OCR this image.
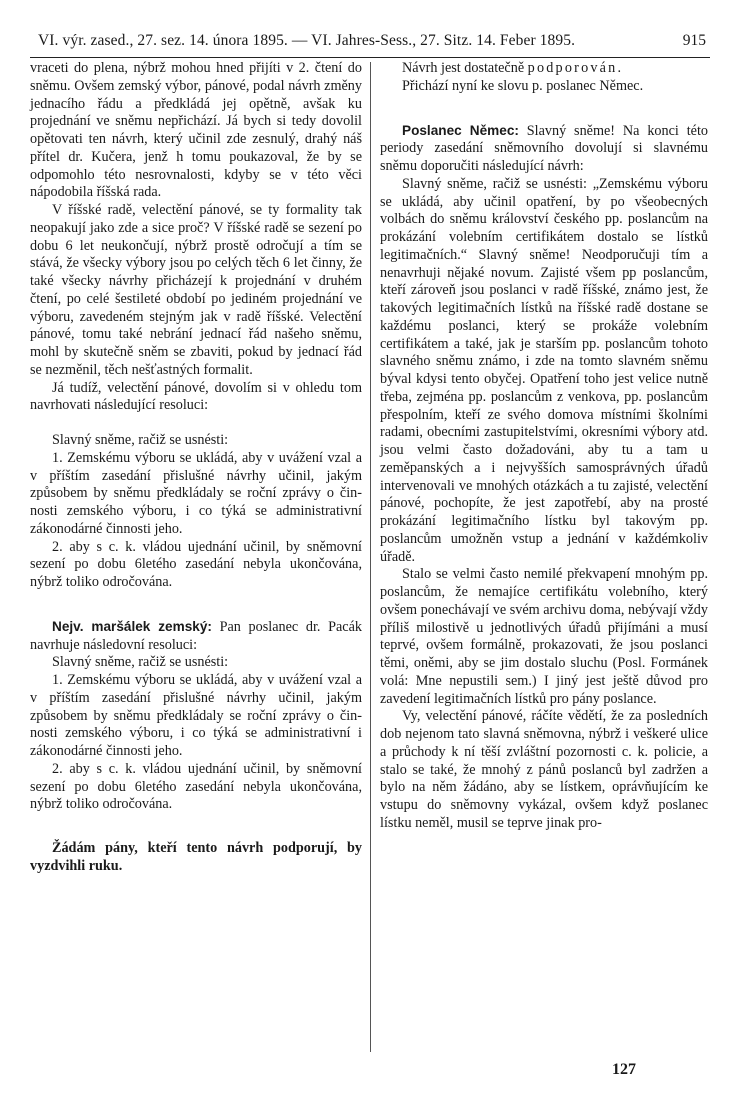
VI. výr. zased., 27. sez. 14. února 1895. — VI. Jahres-Sess., 27. Sitz. 14. Feber 1895.	915

vraceti do plena, nýbrž mohou hned přijíti v 2. čtení do sněmu. Ovšem zemský výbor, pánové, podal návrh změny jednacího řádu a předkládá jej opětně, avšak ku projednání ve sněmu nepřichází. Já bych si tedy dovolil opětovati ten návrh, který učinil zde zesnulý, drahý náš přítel dr. Kučera, jenž h tomu poukazoval, že by se odpomohlo této nesrovnalosti, kdyby se v této věci nápodobila říšská rada.

V říšské radě, velectění pánové, se ty formality tak neopakují jako zde a sice proč? V říšské radě se sezení po dobu 6 let neukončují, nýbrž prostě odročují a tím se stává, že všecky výbory jsou po celých těch 6 let činny, že také všecky návrhy přicházejí k projednání v druhém čtení, po celé šestileté období po jediném projednání ve výboru, zavedeném stejným jak v radě říšské. Velectění pánové, tomu také nebrání jednací řád našeho sněmu, mohl by skutečně sněm se zbaviti, pokud by jednací řád se nezměnil, těch nešťastných formalit.

Já tudíž, velectění pánové, dovolím si v ohledu tom navrhovati následující resoluci:

Slavný sněme, račiž se usnésti:

1. Zemskému výboru se ukládá, aby v uvážení vzal a v příštím zasedání přislušné návrhy učinil, jakým způsobem by sněmu předkládaly se roční zprávy o činnosti zemského výboru, i co týká se administrativní zákonodárné činnosti jeho.

2. aby s c. k. vládou ujednání učinil, by sněmovní sezení po dobu 6letého zasedání nebyla ukončována, nýbrž toliko odročována.

Nejv. maršálek zemský: Pan poslanec dr. Pacák navrhuje následovní resoluci:

Slavný sněme, račiž se usnésti:

1. Zemskému výboru se ukládá, aby v uvážení vzal a v příštím zasedání přislušné návrhy učinil, jakým způsobem by sněmu předkládaly se roční zprávy o činnosti zemského výboru, i co týká se administrativní i zákonodárné činnosti jeho.

2. aby s c. k. vládou ujednání učinil, by sněmovní sezení po dobu 6letého zasedání nebyla ukončována, nýbrž toliko odročována.

Žádám pány, kteří tento návrh podporují, by vyzdvihli ruku.

Návrh jest dostatečně podporován.

Přichází nyní ke slovu p. poslanec Němec.

Poslanec Němec: Slavný sněme! Na konci této periody zasedání sněmovního dovolují si slavnému sněmu doporučiti následující návrh:

Slavný sněme, račiž se usnésti: „Zemskému výboru se ukládá, aby učinil opatření, by po všeobecných volbách do sněmu království českého pp. poslancům na prokázání volebním certifikátem dostalo se lístků legitimačních.“ Slavný sněme! Neodporučuji tím a nenavrhuji nějaké novum. Zajisté všem pp poslancům, kteří zároveň jsou poslanci v radě říšské, známo jest, že takových legitimačních lístků na říšské radě dostane se každému poslanci, který se prokáže volebním certifikátem a také, jak je starším pp. poslancům tohoto slavného sněmu známo, i zde na tomto slavném sněmu býval kdysi tento obyčej. Opatření toho jest velice nutně třeba, zejména pp. poslancům z venkova, pp. poslancům přespolním, kteří ze svého domova místními školními radami, obecními zastupitelstvími, okresními výbory atd. jsou velmi často dožadováni, aby tu a tam u zeměpanských a i nejvyšších samosprávných úřadů intervenovali ve mnohých otázkách a tu zajisté, velectění pánové, pochopíte, že jest zapotřebí, aby na prosté prokázání legitimačního lístku byl takovým pp. poslancům umožněn vstup a jednání v každémkoliv úřadě.

Stalo se velmi často nemilé překvapení mnohým pp. poslancům, že nemajíce certifikátu volebního, který ovšem ponechávají ve svém archivu doma, nebývají vždy příliš milostivě u jednotlivých úřadů přijímáni a musí teprvé, ovšem formálně, prokazovati, že jsou poslanci těmi, oněmi, aby se jim dostalo sluchu (Posl. Formánek volá: Mne nepustili sem.) I jiný jest ještě důvod pro zavedení legitimačních lístků pro pány poslance.

Vy, velectění pánové, ráčíte vědětí, že za posledních dob nejenom tato slavná sněmovna, nýbrž i veškeré ulice a průchody k ní těší zvláštní pozornosti c. k. policie, a stalo se také, že mnohý z pánů poslanců byl zadržen a bylo na něm žádáno, aby se lístkem, oprávňujícím ke vstupu do sněmovny vykázal, ovšem když poslanec lístku neměl, musil se teprve jinak pro-

127
